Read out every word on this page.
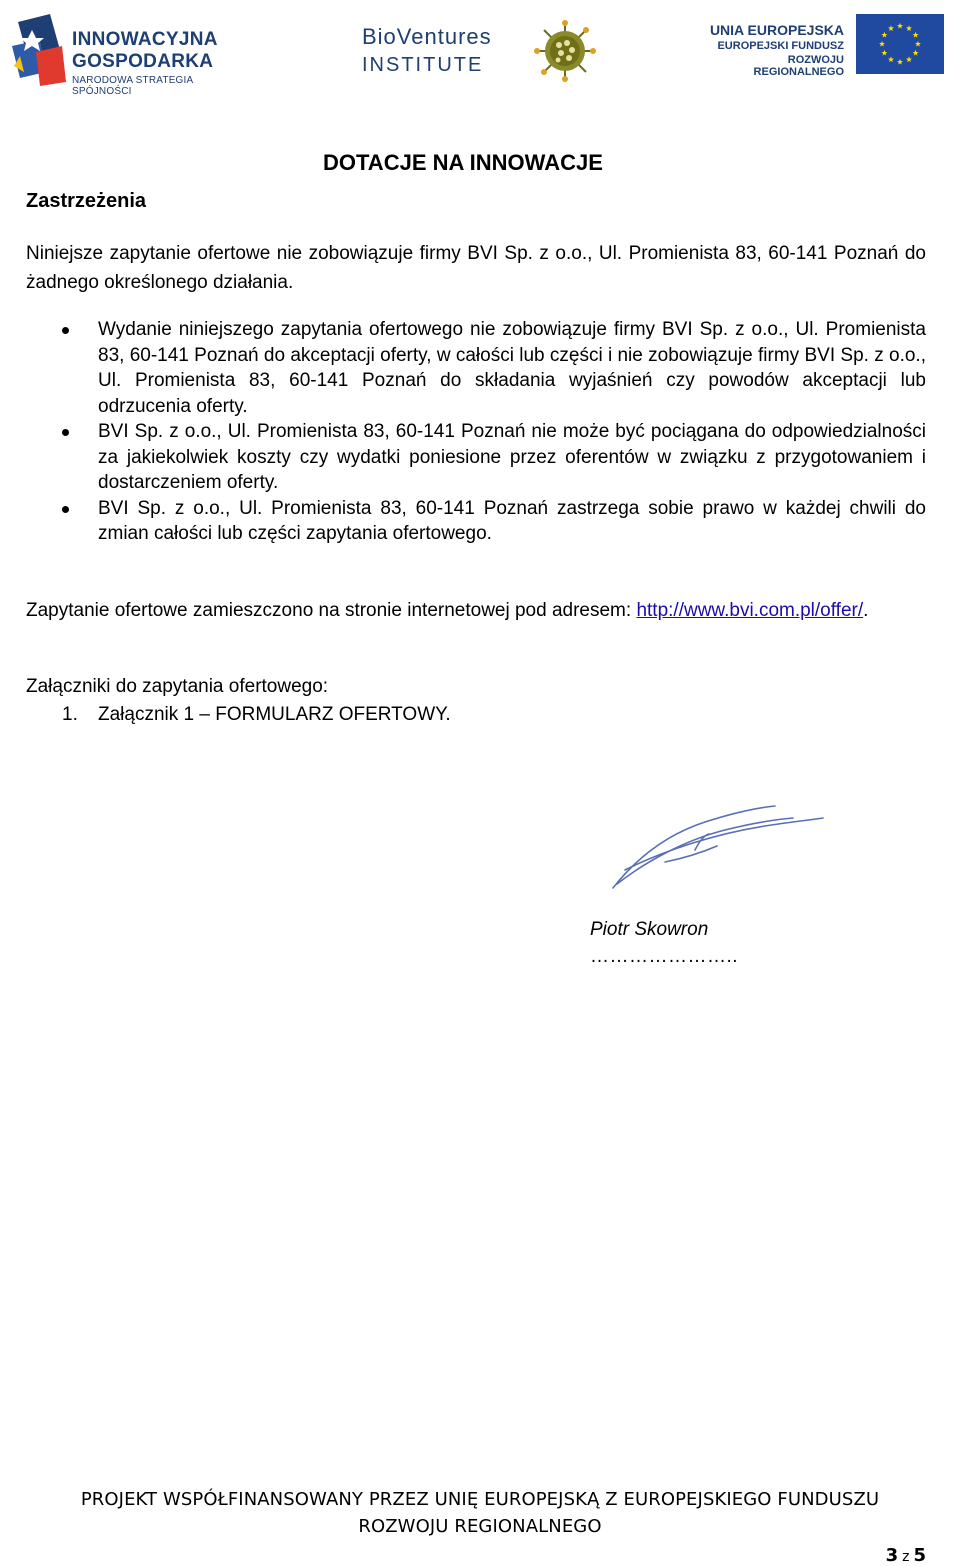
INNOWACYJNA
GOSPODARKA
NARODOWA STRATEGIA SPÓJNOŚCI
BioVentures
INSTITUTE
UNIA EUROPEJSKA
EUROPEJSKI FUNDUSZ
ROZWOJU REGIONALNEGO
DOTACJE NA INNOWACJE
Zastrzeżenia
Niniejsze zapytanie ofertowe nie zobowiązuje firmy BVI Sp. z o.o., Ul. Promienista 83, 60-141 Poznań do żadnego określonego działania.
Wydanie niniejszego zapytania ofertowego nie zobowiązuje firmy BVI Sp. z o.o., Ul. Promienista 83, 60-141 Poznań do akceptacji oferty, w całości lub części i nie zobowiązuje firmy BVI Sp. z o.o., Ul. Promienista 83, 60-141 Poznań do składania wyjaśnień czy powodów akceptacji lub odrzucenia oferty.
BVI Sp. z o.o., Ul. Promienista 83, 60-141 Poznań nie może być pociągana do odpowiedzialności za jakiekolwiek koszty czy wydatki poniesione przez oferentów w związku z przygotowaniem i dostarczeniem oferty.
BVI Sp. z o.o., Ul. Promienista 83, 60-141 Poznań zastrzega sobie prawo w każdej chwili do zmian całości lub części zapytania ofertowego.
Zapytanie ofertowe zamieszczono na stronie internetowej pod adresem: http://www.bvi.com.pl/offer/.
Załączniki do zapytania ofertowego:
1. Załącznik 1 – FORMULARZ OFERTOWY.
Piotr Skowron
…………………..
PROJEKT WSPÓŁFINANSOWANY PRZEZ UNIĘ EUROPEJSKĄ Z EUROPEJSKIEGO FUNDUSZU
ROZWOJU REGIONALNEGO
3 z 5
